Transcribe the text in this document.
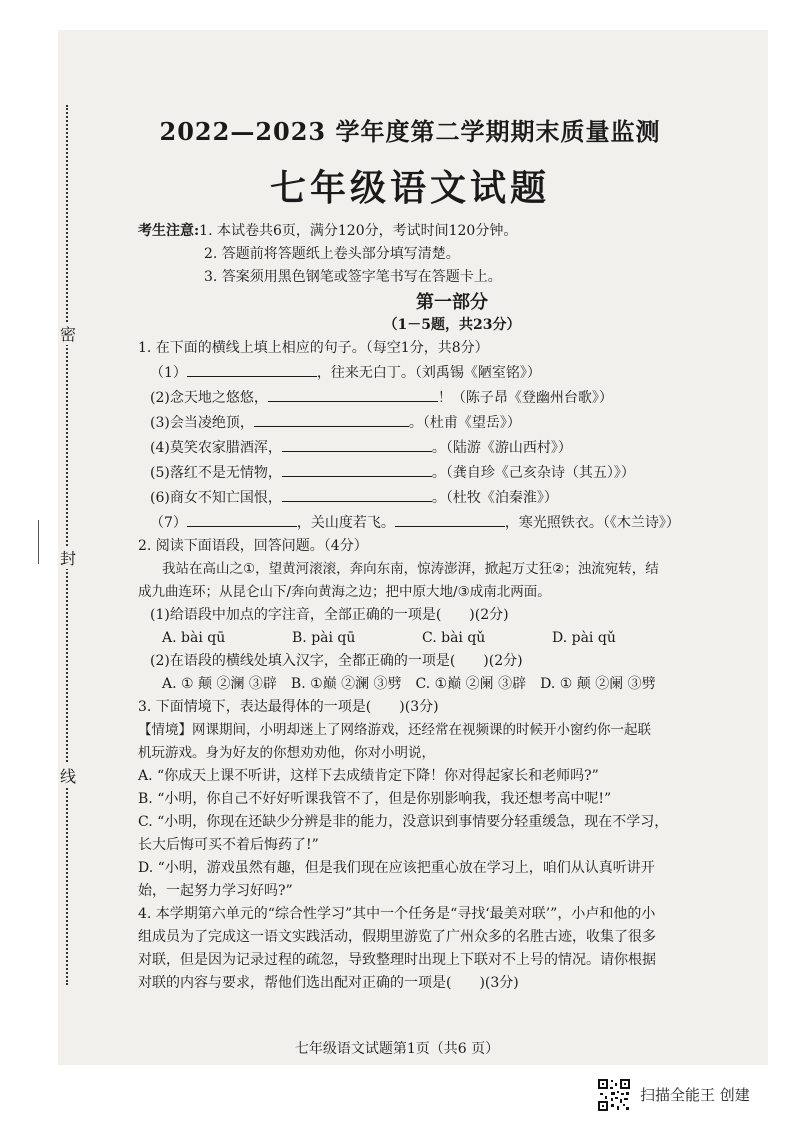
密
封
线
2022—2023 学年度第二学期期末质量监测
七年级语文试题
考生注意:1. 本试卷共6页，满分120分，考试时间120分钟。
2. 答题前将答题纸上卷头部分填写清楚。
3. 答案须用黑色钢笔或签字笔书写在答题卡上。
第一部分
（1－5题，共23分）
1. 在下面的横线上填上相应的句子。（每空1分，共8分）
（1）	，往来无白丁。（刘禹锡《陋室铭》）
(2)念天地之悠悠，	！（陈子昂《登幽州台歌》）
(3)会当凌绝顶，	。（杜甫《望岳》）
(4)莫笑农家腊酒浑，	。（陆游《游山西村》）
(5)落红不是无情物，	。（龚自珍《己亥杂诗（其五）》）
(6)商女不知亡国恨，	。（杜牧《泊秦淮》）
（7）	，关山度若飞。	，寒光照铁衣。（《木兰诗》）
2. 阅读下面语段，回答问题。（4分）
我站在高山之①，望黄河滚滚，奔向东南，惊涛澎湃，掀起万丈狂②；浊流宛转，结
成九曲连环；从昆仑山下/奔向黄海之边；把中原大地/③成南北两面。
(1)给语段中加点的字注音，全部正确的一项是(　　)(2分)
A. bài qū	B. pài qū	C. bài qǔ	D. pài qǔ
(2)在语段的横线处填入汉字，全都正确的一项是(　　)(2分)
A. ① 颠 ②澜 ③辟　B. ①巅 ②澜 ③劈　C. ①巅 ②阑 ③辟　D. ① 颠 ②阑 ③劈
3. 下面情境下，表达最得体的一项是(　　)(3分)
【情境】网课期间，小明却迷上了网络游戏，还经常在视频课的时候开小窗约你一起联
机玩游戏。身为好友的你想劝劝他，你对小明说，
A. “你成天上课不听讲，这样下去成绩肯定下降！你对得起家长和老师吗?”
B. “小明，你自己不好好听课我管不了，但是你别影响我，我还想考高中呢!”
C. “小明，你现在还缺少分辨是非的能力，没意识到事情要分轻重缓急，现在不学习，
长大后悔可买不着后悔药了!”
D. “小明，游戏虽然有趣，但是我们现在应该把重心放在学习上，咱们从认真听讲开
始，一起努力学习好吗?”
4. 本学期第六单元的“综合性学习”其中一个任务是“寻找‘最美对联’”，小卢和他的小
组成员为了完成这一语文实践活动，假期里游览了广州众多的名胜古迹，收集了很多
对联，但是因为记录过程的疏忽，导致整理时出现上下联对不上号的情况。请你根据
对联的内容与要求，帮他们选出配对正确的一项是(　　)(3分)
七年级语文试题第1页（共6 页）
扫描全能王 创建
